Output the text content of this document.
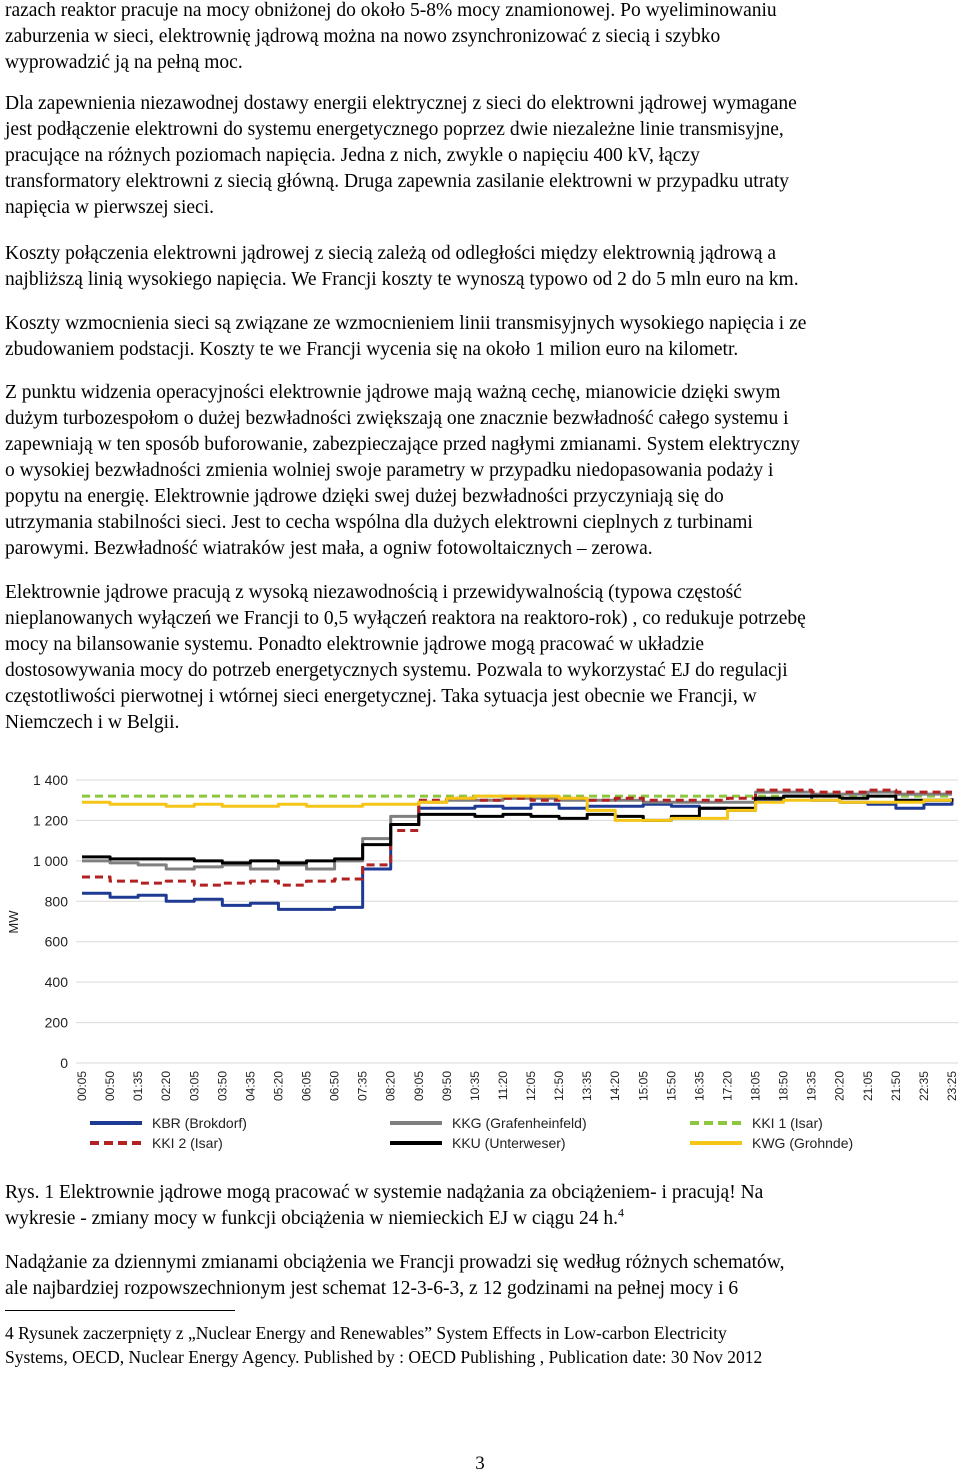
razach reaktor pracuje na mocy obniżonej do około 5-8% mocy znamionowej. Po wyeliminowaniu
zaburzenia w sieci, elektrownię jądrową można na nowo zsynchronizować z siecią i szybko
wyprowadzić ją na pełną moc.
Dla zapewnienia niezawodnej dostawy energii elektrycznej z sieci do elektrowni jądrowej wymagane
jest podłączenie elektrowni do systemu energetycznego poprzez dwie niezależne linie transmisyjne,
pracujące na różnych poziomach napięcia. Jedna z nich, zwykle o napięciu 400 kV, łączy
transformatory elektrowni z siecią główną. Druga zapewnia zasilanie elektrowni w przypadku utraty
napięcia w pierwszej sieci.
Koszty połączenia elektrowni jądrowej z siecią zależą od odległości między elektrownią jądrową a
najbliższą linią wysokiego napięcia. We Francji koszty te wynoszą typowo od 2 do 5 mln euro na km.
Koszty wzmocnienia sieci są związane ze wzmocnieniem linii transmisyjnych wysokiego napięcia i ze
zbudowaniem podstacji. Koszty te we Francji wycenia się na około 1 milion euro na kilometr.
Z punktu widzenia operacyjności elektrownie jądrowe mają ważną cechę, mianowicie dzięki swym
dużym turbozespołom o dużej bezwładności zwiększają one znacznie bezwładność całego systemu i
zapewniają w ten sposób buforowanie, zabezpieczające przed nagłymi zmianami. System elektryczny
o wysokiej bezwładności zmienia wolniej swoje parametry w przypadku niedopasowania podaży i
popytu na energię. Elektrownie jądrowe dzięki swej dużej bezwładności przyczyniają się do
utrzymania stabilności sieci. Jest to cecha wspólna dla dużych elektrowni cieplnych z turbinami
parowymi. Bezwładność wiatraków jest mała, a ogniw fotowoltaicznych – zerowa.
Elektrownie jądrowe pracują z wysoką niezawodnością i przewidywalnością (typowa częstość
nieplanowanych wyłączeń we Francji to 0,5 wyłączeń reaktora na reaktoro-rok) , co redukuje potrzebę
mocy na bilansowanie systemu. Ponadto elektrownie jądrowe mogą pracować w układzie
dostosowywania mocy do potrzeb energetycznych systemu. Pozwala to wykorzystać EJ do regulacji
częstotliwości pierwotnej i wtórnej sieci energetycznej. Taka sytuacja jest obecnie we Francji, w
Niemczech i w Belgii.
Rys. 1 Elektrownie jądrowe mogą pracować w systemie nadążania za obciążeniem- i pracują! Na
wykresie - zmiany mocy w funkcji obciążenia w niemieckich EJ w ciągu 24 h.$^4$
Nadążanie za dziennymi zmianami obciążenia we Francji prowadzi się według różnych schematów,
ale najbardziej rozpowszechnionym jest schemat 12-3-6-3, z 12 godzinami na pełnej mocy i 6
0
200
400
600
800
1 000
1 200
1 400
MW
00:05 00:50 01:35 02:20 03:05 03:50 04:35 05:20 06:05 06:50 07:35 08:20 09:05 09:50 10:35 11:20 12:05 12:50 13:35 14:20 15:05 15:50 16:35 17:20 18:05 18:50 19:35 20:20 21:05 21:50 22:35 23:25
KBR (Brokdorf)	KKG (Grafenheinfeld)	KKI 1 (Isar)
KKI 2 (Isar)	KKU (Unterweser)	KWG (Grohnde)
4 Rysunek zaczerpnięty z „Nuclear Energy and Renewables” System Effects in Low-carbon Electricity
Systems, OECD, Nuclear Energy Agency. Published by : OECD Publishing , Publication date: 30 Nov 2012
3
